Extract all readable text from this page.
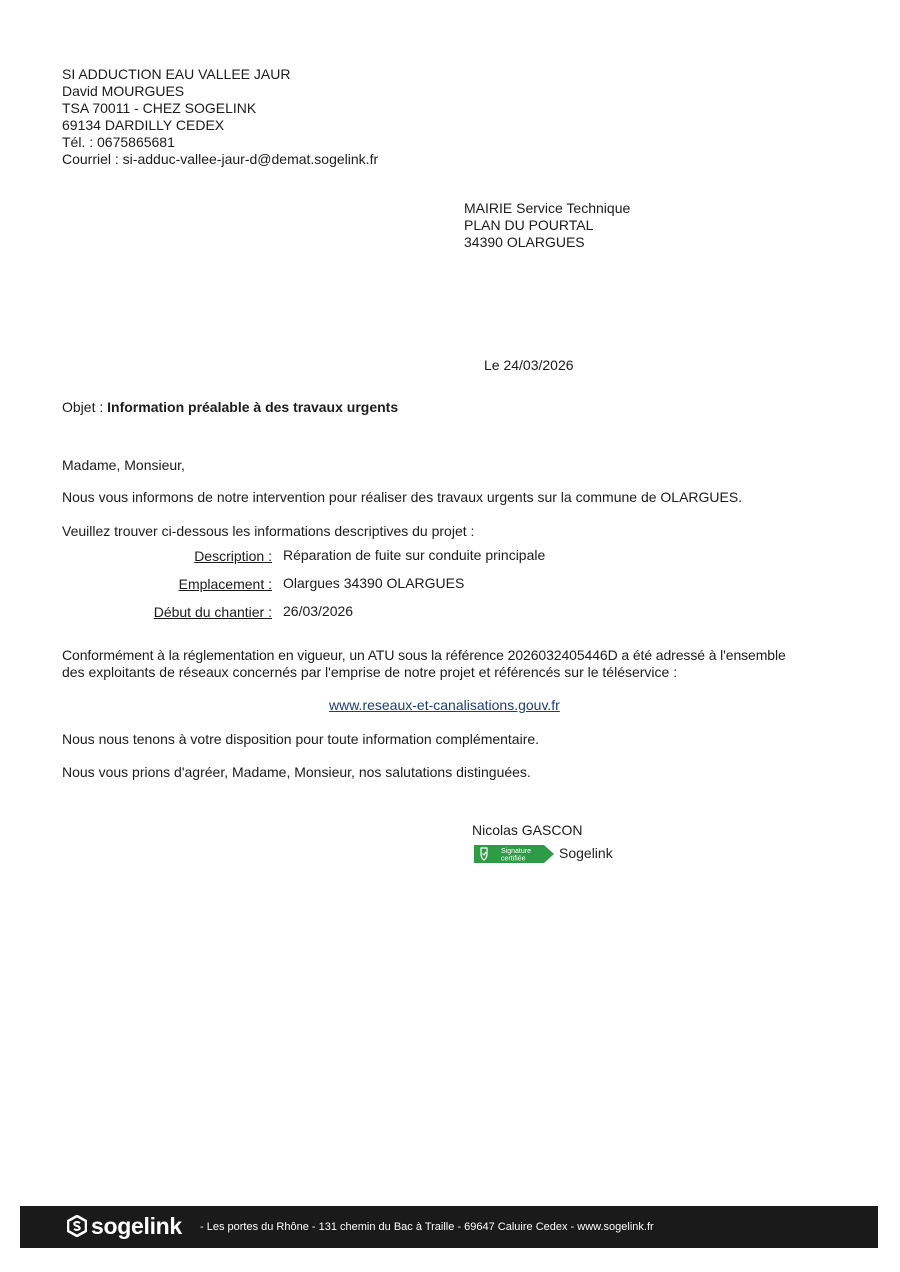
SI ADDUCTION EAU VALLEE JAUR
David MOURGUES
TSA 70011 - CHEZ SOGELINK
69134 DARDILLY CEDEX
Tél. : 0675865681
Courriel : si-adduc-vallee-jaur-d@demat.sogelink.fr
MAIRIE Service Technique
PLAN DU POURTAL
34390 OLARGUES
Le 24/03/2026
Objet : Information préalable à des travaux urgents
Madame, Monsieur,
Nous vous informons de notre intervention pour réaliser des travaux urgents sur la commune de OLARGUES.
Veuillez trouver ci-dessous les informations descriptives du projet :
Description : Réparation de fuite sur conduite principale
Emplacement : Olargues 34390 OLARGUES
Début du chantier : 26/03/2026
Conformément à la réglementation en vigueur, un ATU sous la référence 2026032405446D a été adressé à l'ensemble
des exploitants de réseaux concernés par l'emprise de notre projet et référencés sur le téléservice :
www.reseaux-et-canalisations.gouv.fr
Nous nous tenons à votre disposition pour toute information complémentaire.
Nous vous prions d'agréer, Madame, Monsieur, nos salutations distinguées.
Nicolas GASCON
Signature
certifiée Sogelink
sogelink - Les portes du Rhône - 131 chemin du Bac à Traille - 69647 Caluire Cedex - www.sogelink.fr
